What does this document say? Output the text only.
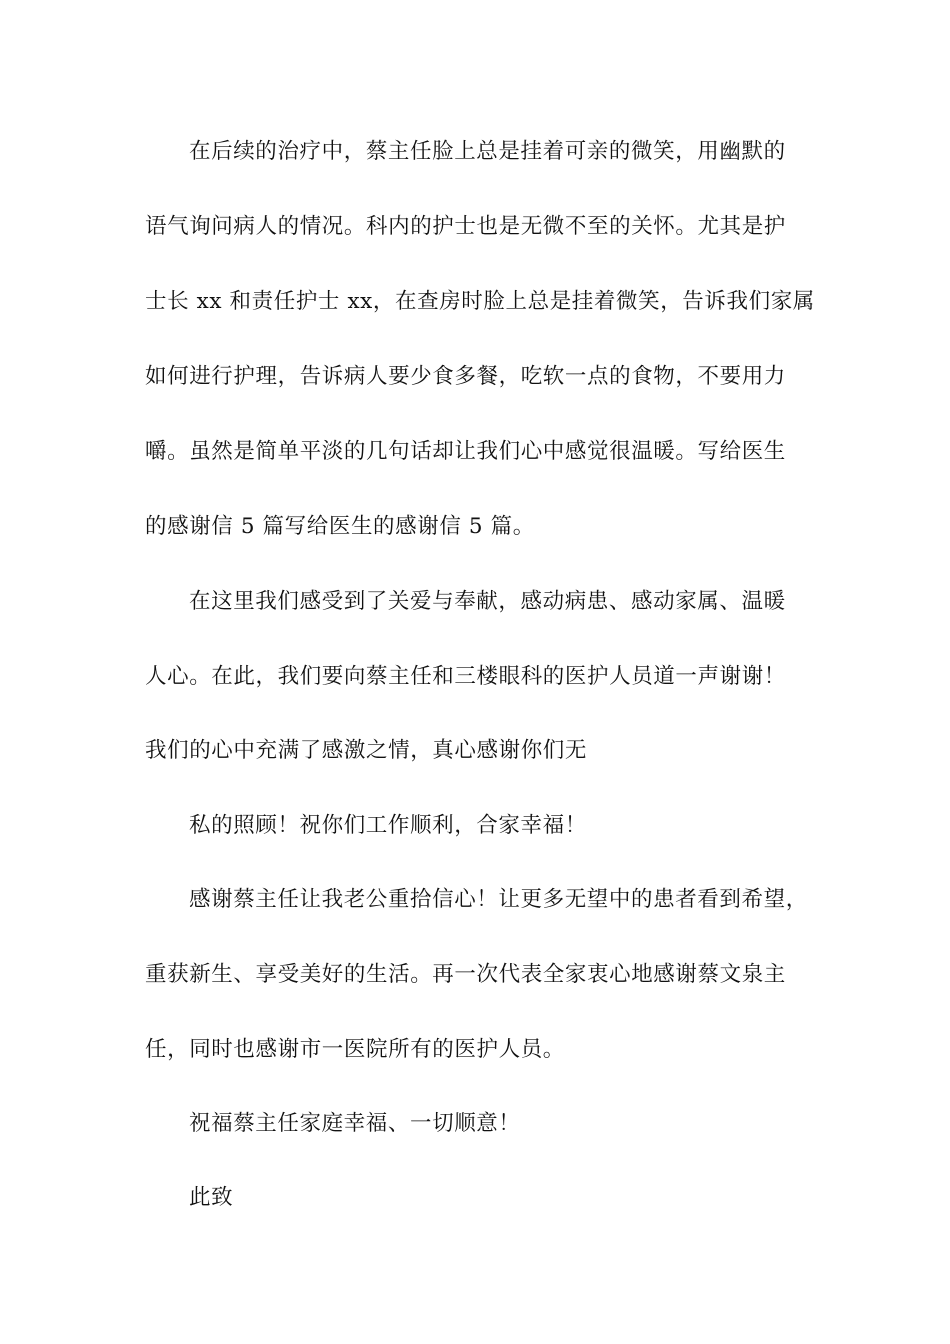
在后续的治疗中，蔡主任脸上总是挂着可亲的微笑，用幽默的
语气询问病人的情况。科内的护士也是无微不至的关怀。尤其是护
士长 xx 和责任护士 xx，在查房时脸上总是挂着微笑，告诉我们家属
如何进行护理，告诉病人要少食多餐，吃软一点的食物，不要用力
嚼。虽然是简单平淡的几句话却让我们心中感觉很温暖。写给医生
的感谢信 5 篇写给医生的感谢信 5 篇。
在这里我们感受到了关爱与奉献，感动病患、感动家属、温暖
人心。在此，我们要向蔡主任和三楼眼科的医护人员道一声谢谢！
我们的心中充满了感激之情，真心感谢你们无
私的照顾！祝你们工作顺利，合家幸福！
感谢蔡主任让我老公重拾信心！让更多无望中的患者看到希望，
重获新生、享受美好的生活。再一次代表全家衷心地感谢蔡文泉主
任，同时也感谢市一医院所有的医护人员。
祝福蔡主任家庭幸福、一切顺意！
此致
